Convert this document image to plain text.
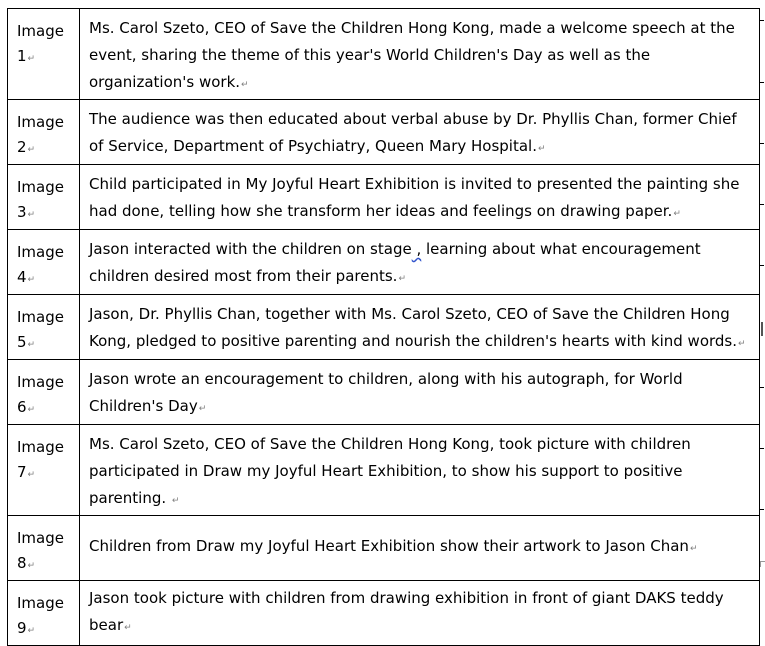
Image
1↵	Ms. Carol Szeto, CEO of Save the Children Hong Kong, made a welcome speech at the event, sharing the theme of this year's World Children's Day as well as the organization's work.↵
Image
2↵	The audience was then educated about verbal abuse by Dr. Phyllis Chan, former Chief of Service, Department of Psychiatry, Queen Mary Hospital.↵
Image
3↵	Child participated in My Joyful Heart Exhibition is invited to presented the painting she had done, telling how she transform her ideas and feelings on drawing paper.↵
Image
4↵	Jason interacted with the children on stage , learning about what encouragement children desired most from their parents.↵
Image
5↵	Jason, Dr. Phyllis Chan, together with Ms. Carol Szeto, CEO of Save the Children Hong Kong, pledged to positive parenting and nourish the children's hearts with kind words.↵
Image
6↵	Jason wrote an encouragement to children, along with his autograph, for World Children's Day↵
Image
7↵	Ms. Carol Szeto, CEO of Save the Children Hong Kong, took picture with children participated in Draw my Joyful Heart Exhibition, to show his support to positive parenting. ↵
Image
8↵	Children from Draw my Joyful Heart Exhibition show their artwork to Jason Chan↵
Image
9↵	Jason took picture with children from drawing exhibition in front of giant DAKS teddy bear↵
